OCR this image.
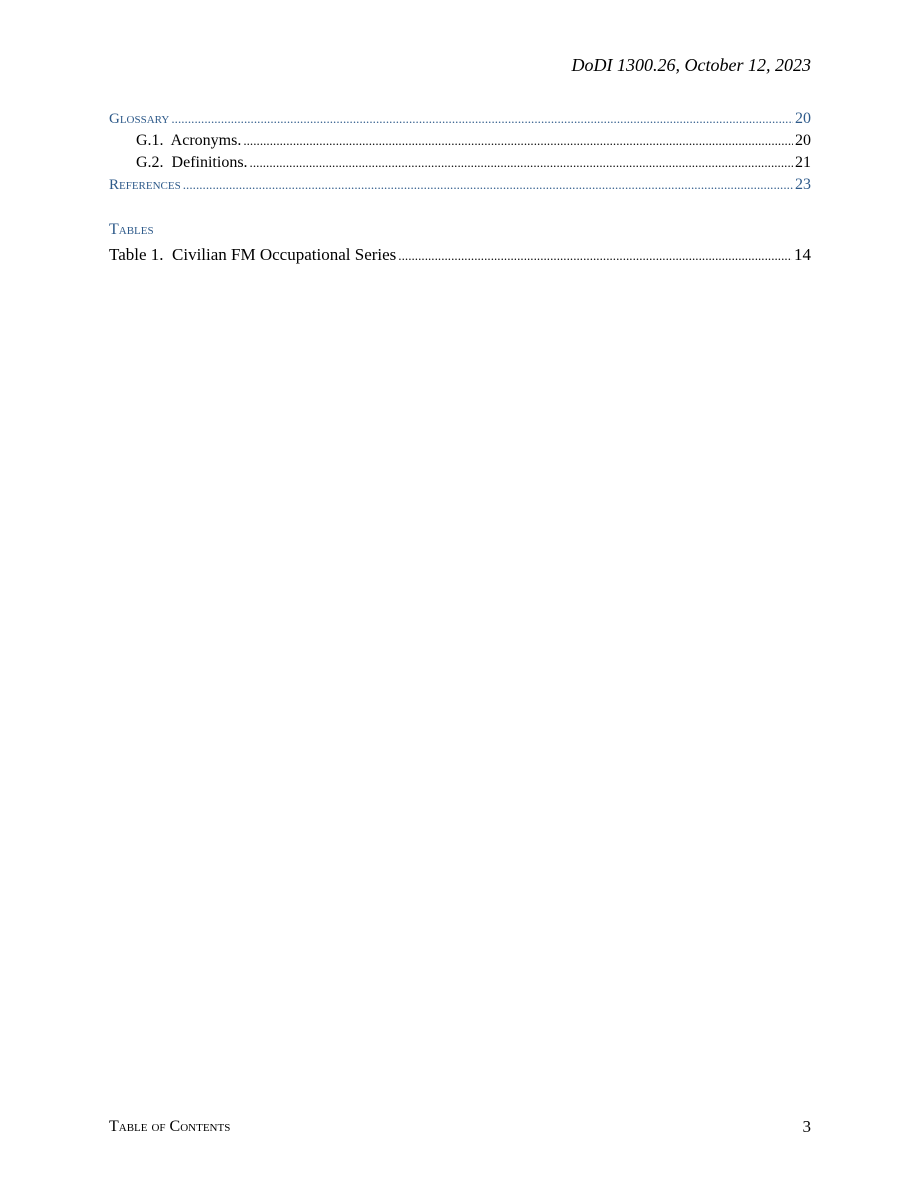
DoDI 1300.26, October 12, 2023
Glossary . . .	20
G.1.  Acronyms. . . .	20
G.2.  Definitions. . . .	21
References . . .	23
Tables
Table 1.  Civilian FM Occupational Series . . .	14
Table of Contents	3
